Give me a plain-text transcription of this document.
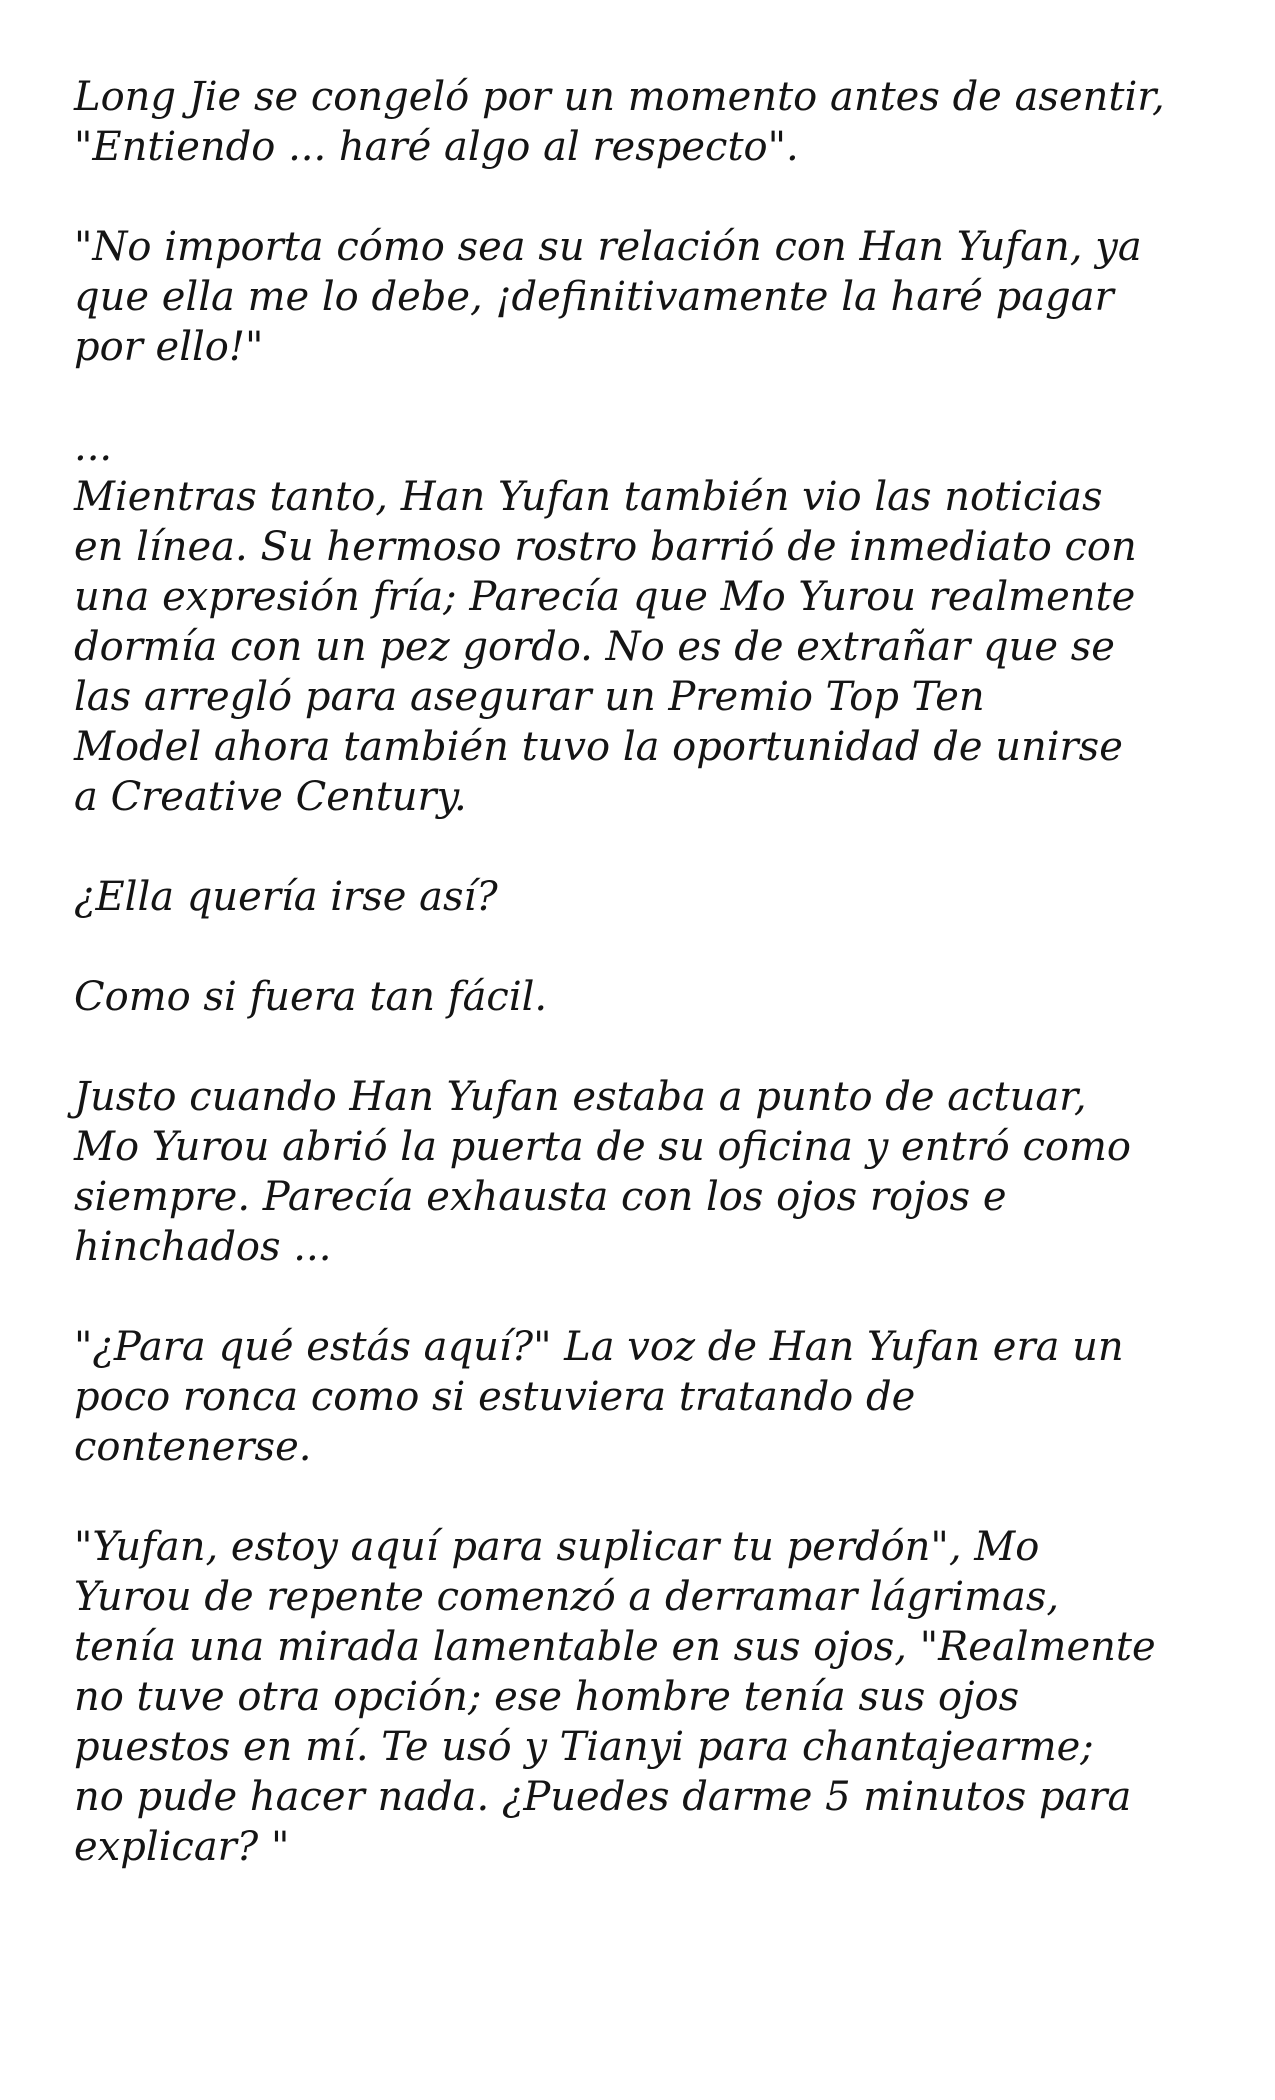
Long Jie se congeló por un momento antes de asentir,
"Entiendo ... haré algo al respecto".

"No importa cómo sea su relación con Han Yufan, ya
que ella me lo debe, ¡definitivamente la haré pagar
por ello!"

...

Mientras tanto, Han Yufan también vio las noticias
en línea. Su hermoso rostro barrió de inmediato con
una expresión fría; Parecía que Mo Yurou realmente
dormía con un pez gordo. No es de extrañar que se
las arregló para asegurar un Premio Top Ten
Model ahora también tuvo la oportunidad de unirse
a Creative Century.

¿Ella quería irse así?

Como si fuera tan fácil.

Justo cuando Han Yufan estaba a punto de actuar,
Mo Yurou abrió la puerta de su oficina y entró como
siempre. Parecía exhausta con los ojos rojos e
hinchados ...

"¿Para qué estás aquí?" La voz de Han Yufan era un
poco ronca como si estuviera tratando de
contenerse.

"Yufan, estoy aquí para suplicar tu perdón", Mo
Yurou de repente comenzó a derramar lágrimas,
tenía una mirada lamentable en sus ojos, "Realmente
no tuve otra opción; ese hombre tenía sus ojos
puestos en mí. Te usó y Tianyi para chantajearme;
no pude hacer nada. ¿Puedes darme 5 minutos para
explicar? "
